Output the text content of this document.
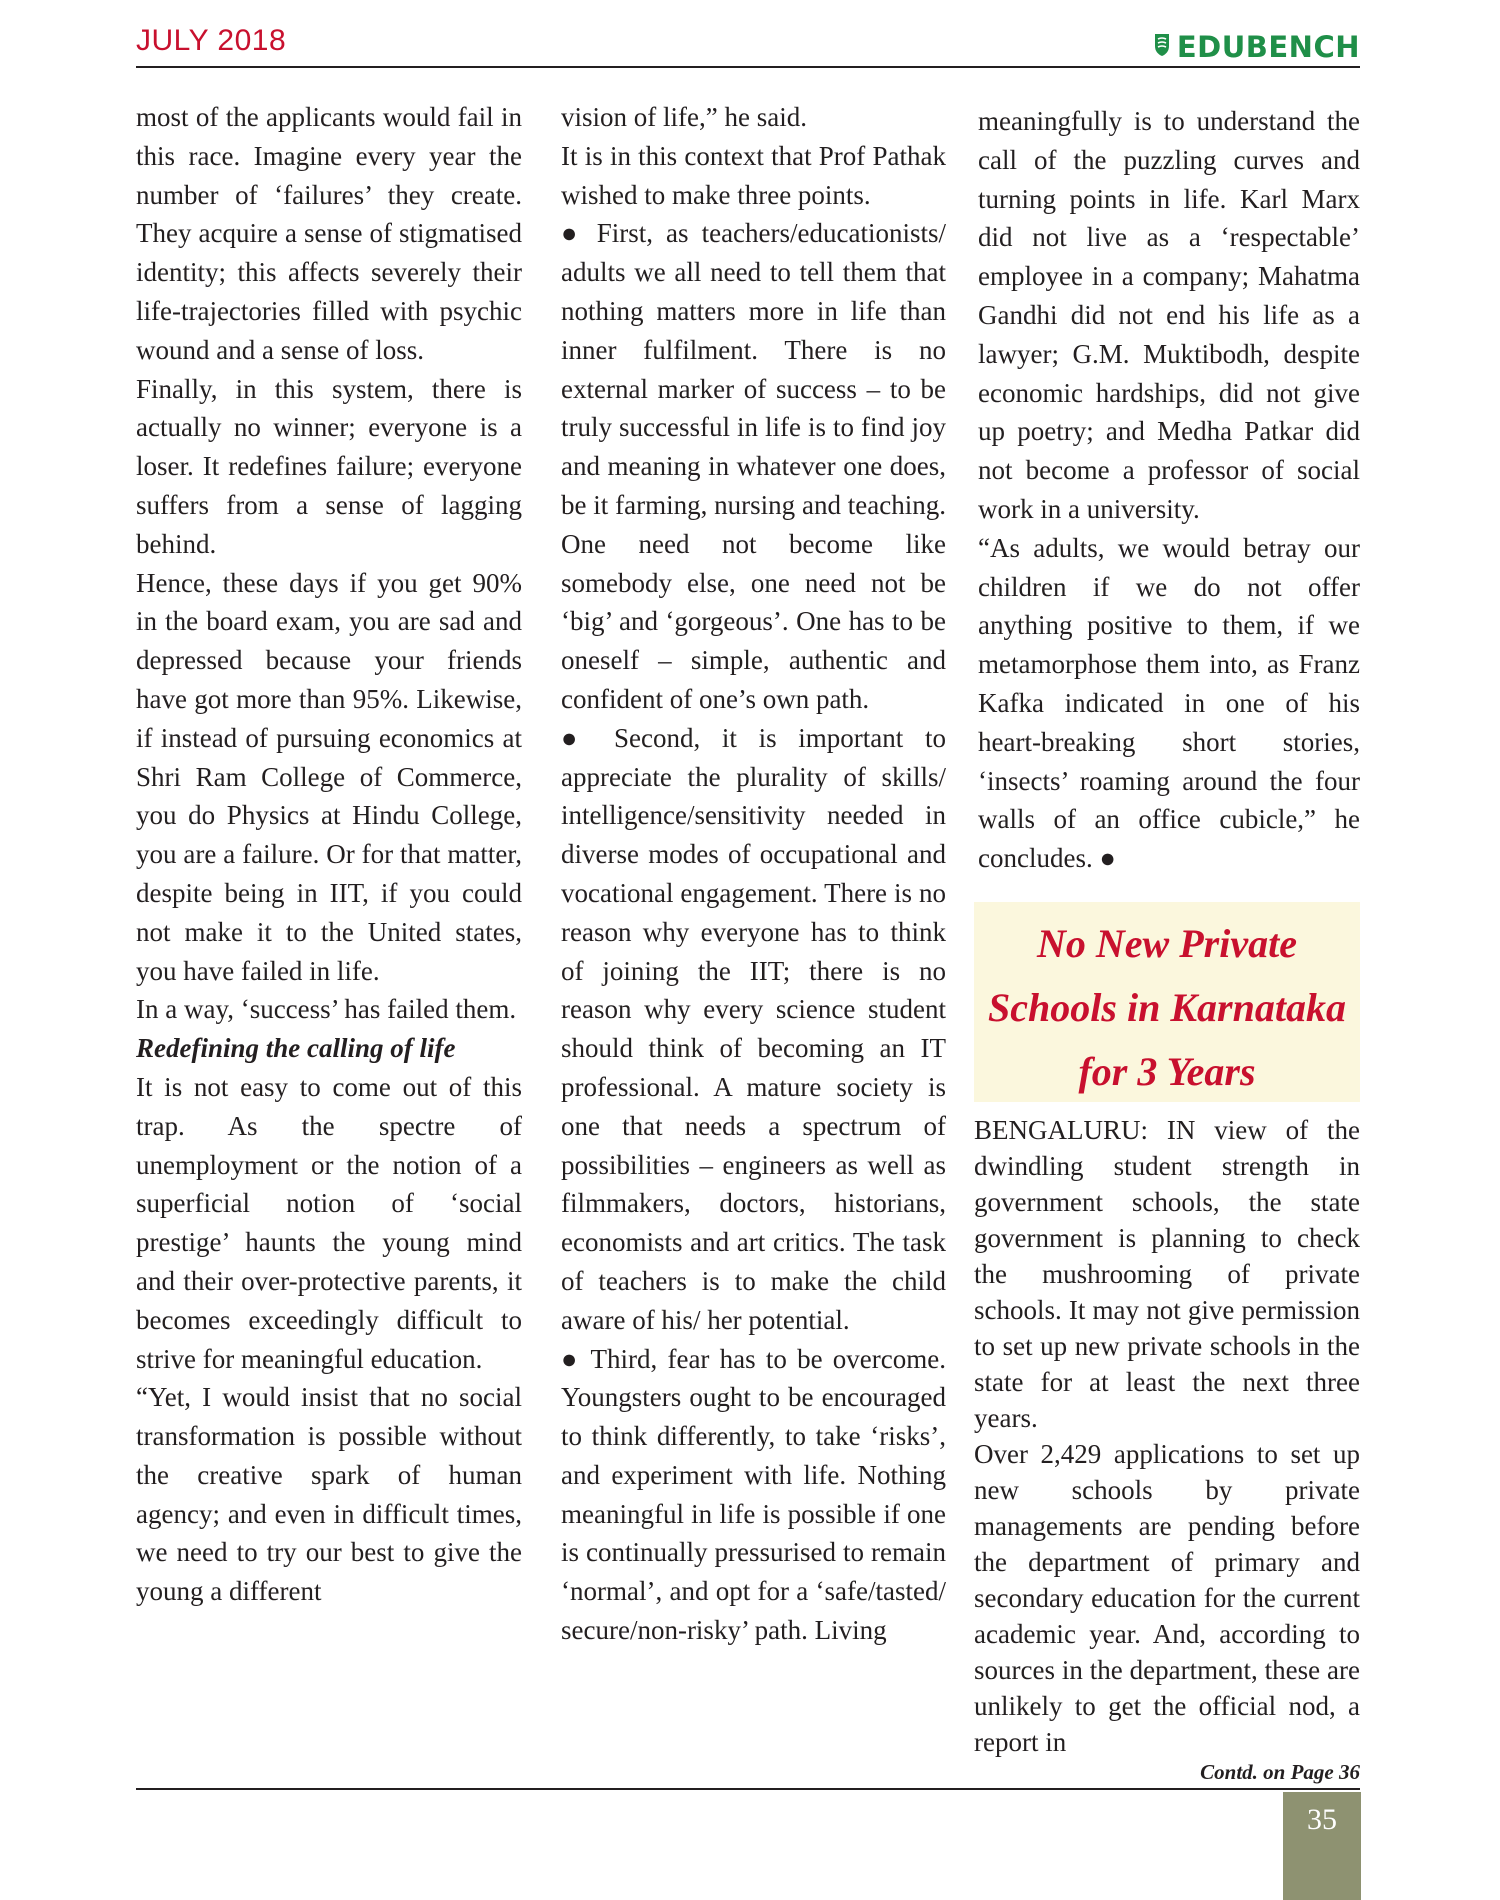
JULY 2018	EDUBENCH

most of the applicants would fail in this race. Imagine every year the number of ‘failures’ they create. They acquire a sense of stigmatised identity; this affects severely their life-trajectories filled with psychic wound and a sense of loss.

Finally, in this system, there is actually no winner; everyone is a loser. It redefines failure; everyone suffers from a sense of lagging behind.

Hence, these days if you get 90% in the board exam, you are sad and depressed because your friends have got more than 95%. Likewise, if instead of pursuing economics at Shri Ram College of Commerce, you do Physics at Hindu College, you are a failure. Or for that matter, despite being in IIT, if you could not make it to the United states, you have failed in life.

In a way, ‘success’ has failed them.

Redefining the calling of life

It is not easy to come out of this trap. As the spectre of unemployment or the notion of a superficial notion of ‘social prestige’ haunts the young mind and their over-protective parents, it becomes exceedingly difficult to strive for meaningful education.

“Yet, I would insist that no social transformation is possible without the creative spark of human agency; and even in difficult times, we need to try our best to give the young a different

vision of life,” he said.

It is in this context that Prof Pathak wished to make three points.

● First, as teachers/educationists/ adults we all need to tell them that nothing matters more in life than inner fulfilment. There is no external marker of success – to be truly successful in life is to find joy and meaning in whatever one does, be it farming, nursing and teaching. One need not become like somebody else, one need not be ‘big’ and ‘gorgeous’. One has to be oneself – simple, authentic and confident of one’s own path.

● Second, it is important to appreciate the plurality of skills/ intelligence/sensitivity needed in diverse modes of occupational and vocational engagement. There is no reason why everyone has to think of joining the IIT; there is no reason why every science student should think of becoming an IT professional. A mature society is one that needs a spectrum of possibilities – engineers as well as filmmakers, doctors, historians, economists and art critics. The task of teachers is to make the child aware of his/ her potential.

● Third, fear has to be overcome. Youngsters ought to be encouraged to think differently, to take ‘risks’, and experiment with life. Nothing meaningful in life is possible if one is continually pressurised to remain ‘normal’, and opt for a ‘safe/tasted/ secure/non-risky’ path. Living

meaningfully is to understand the call of the puzzling curves and turning points in life. Karl Marx did not live as a ‘respectable’ employee in a company; Mahatma Gandhi did not end his life as a lawyer; G.M. Muktibodh, despite economic hardships, did not give up poetry; and Medha Patkar did not become a professor of social work in a university.

“As adults, we would betray our children if we do not offer anything positive to them, if we metamorphose them into, as Franz Kafka indicated in one of his heart-breaking short stories, ‘insects’ roaming around the four walls of an office cubicle,” he concludes. ●

No New Private

Schools in Karnataka

for 3 Years

BENGALURU: IN view of the dwindling student strength in government schools, the state government is planning to check the mushrooming of private schools. It may not give permission to set up new private schools in the state for at least the next three years.

Over 2,429 applications to set up new schools by private managements are pending before the department of primary and secondary education for the current academic year. And, according to sources in the department, these are unlikely to get the official nod, a report in

Contd. on Page 36
35
